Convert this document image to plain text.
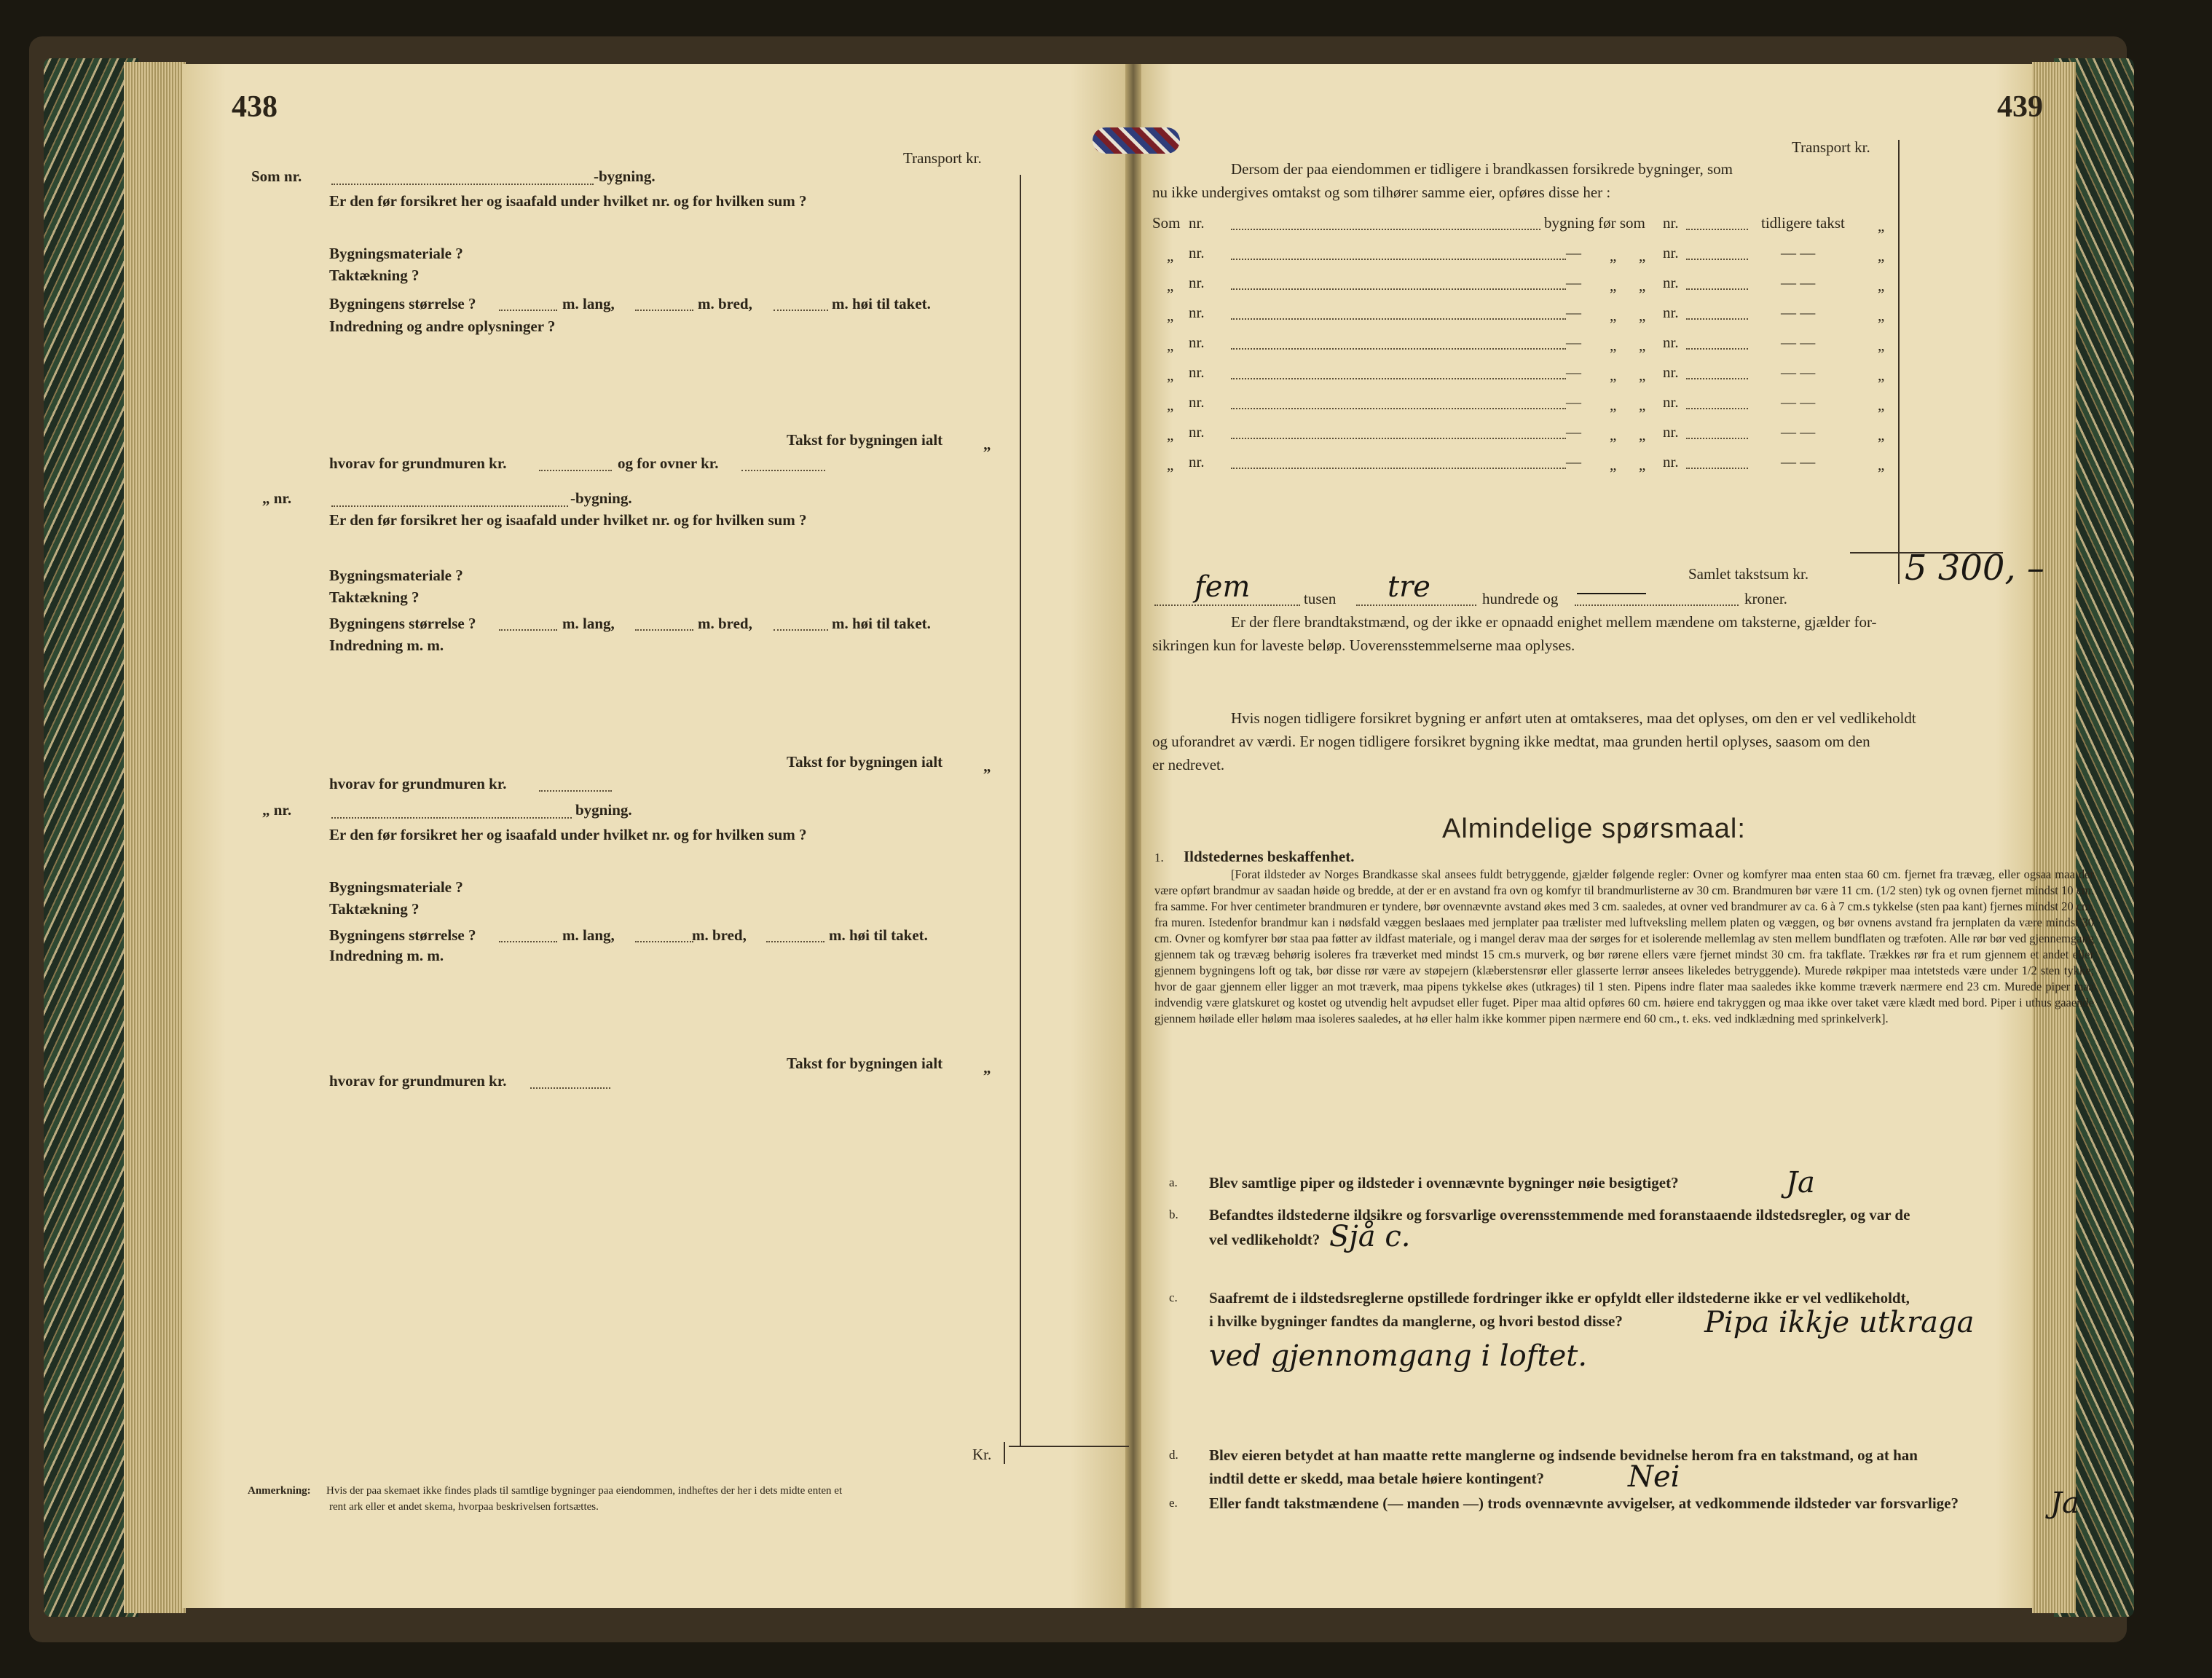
438
Transport kr.
Kr.
Som nr.	-bygning.
Er den før forsikret her og isaafald under hvilket nr. og for hvilken sum ?
Bygningsmateriale ?
Taktækning ?
Bygningens størrelse ?	m. lang,	m. bred,	m. høi til taket.
Indredning og andre oplysninger ?
Takst for bygningen ialt	„
hvorav for grundmuren kr.	og for ovner kr.
„ nr.	-bygning.
Er den før forsikret her og isaafald under hvilket nr. og for hvilken sum ?
Bygningsmateriale ?
Taktækning ?
Bygningens størrelse ?	m. lang,	m. bred,	m. høi til taket.
Indredning m. m.
Takst for bygningen ialt	„
hvorav for grundmuren kr.
„ nr.	bygning.
Er den før forsikret her og isaafald under hvilket nr. og for hvilken sum ?
Bygningsmateriale ?
Taktækning ?
Bygningens størrelse ?	m. lang,	m. bred,	m. høi til taket.
Indredning m. m.
Takst for bygningen ialt	„
hvorav for grundmuren kr.
Anmerkning: Hvis der paa skemaet ikke findes plads til samtlige bygninger paa eiendommen, indheftes der her i dets midte enten et
rent ark eller et andet skema, hvorpaa beskrivelsen fortsættes.
439
Transport kr.
Dersom der paa eiendommen er tidligere i brandkassen forsikrede bygninger, som
nu ikke undergives omtakst og som tilhører samme eier, opføres disse her :
Som nr.	bygning før som nr.	tidligere takst „
„ nr.	— „ „ nr.	— —	„
„ nr.	— „ „ nr.	— —	„
„ nr.	— „ „ nr.	— —	„
„ nr.	— „ „ nr.	— —	„
„ nr.	— „ „ nr.	— —	„
„ nr.	— „ „ nr.	— —	„
„ nr.	— „ „ nr.	— —	„
„ nr.	— „ „ nr.	— —	„
Samlet takstsum kr.	5 300, –
fem	tusen tre	hundrede og	kroner.
Er der flere brandtakstmænd, og der ikke er opnaadd enighet mellem mændene om taksterne, gjælder for-
sikringen kun for laveste beløp. Uoverensstemmelserne maa oplyses.
Hvis nogen tidligere forsikret bygning er anført uten at omtakseres, maa det oplyses, om den er vel vedlikeholdt
og uforandret av værdi. Er nogen tidligere forsikret bygning ikke medtat, maa grunden hertil oplyses, saasom om den
er nedrevet.
Almindelige spørsmaal:
1. Ildstedernes beskaffenhet.
[Forat ildsteder av Norges Brandkasse skal ansees fuldt betryggende, gjælder følgende regler: Ovner og komfyrer maa enten staa 60 cm. fjernet fra trævæg, eller ogsaa maa der være opført brandmur av saadan høide og bredde, at der er en avstand fra ovn og komfyr til brandmurlisterne av 30 cm. Brandmuren bør være 11 cm. (1/2 sten) tyk og ovnen fjernet mindst 10 cm. fra samme. For hver centimeter brandmuren er tyndere, bør ovennævnte avstand økes med 3 cm. saaledes, at ovner ved brandmurer av ca. 6 à 7 cm.s tykkelse (sten paa kant) fjernes mindst 20 cm. fra muren. Istedenfor brandmur kan i nødsfald væggen beslaaes med jernplater paa trælister med luftveksling mellem platen og væggen, og bør ovnens avstand fra jernplaten da være mindst 30 cm. Ovner og komfyrer bør staa paa føtter av ildfast materiale, og i mangel derav maa der sørges for et isolerende mellemlag av sten mellem bundflaten og træfoten. Alle rør bør ved gjennemgang gjennem tak og trævæg behørig isoleres fra træverket med mindst 15 cm.s murverk, og bør rørene ellers være fjernet mindst 30 cm. fra takflate. Trækkes rør fra et rum gjennem et andet eller gjennem bygningens loft og tak, bør disse rør være av støpejern (klæberstensrør eller glasserte lerrør ansees likeledes betryggende). Murede røkpiper maa intetsteds være under 1/2 sten tykke; hvor de gaar gjennem eller ligger an mot træverk, maa pipens tykkelse økes (utkrages) til 1 sten. Pipens indre flater maa saaledes ikke komme træverk nærmere end 23 cm. Murede piper maa indvendig være glatskuret og kostet og utvendig helt avpudset eller fuget. Piper maa altid opføres 60 cm. høiere end takryggen og maa ikke over taket være klædt med bord. Piper i uthus gaaende gjennem høilade eller høløm maa isoleres saaledes, at hø eller halm ikke kommer pipen nærmere end 60 cm., t. eks. ved indklædning med sprinkelverk].
a. Blev samtlige piper og ildsteder i ovennævnte bygninger nøie besigtiget?	Ja
b. Befandtes ildstederne ildsikre og forsvarlige overensstemmende med foranstaaende ildstedsregler, og var de
vel vedlikeholdt? Sjå c.
c. Saafremt de i ildstedsreglerne opstillede fordringer ikke er opfyldt eller ildstederne ikke er vel vedlikeholdt,
i hvilke bygninger fandtes da manglerne, og hvori bestod disse?	Pipa ikkje utkraga
ved gjennomgang i loftet.
d. Blev eieren betydet at han maatte rette manglerne og indsende bevidnelse herom fra en takstmand, og at han
indtil dette er skedd, maa betale høiere kontingent?	Nei
e. Eller fandt takstmændene (— manden —) trods ovennævnte avvigelser, at vedkommende ildsteder var forsvarlige?	Ja
